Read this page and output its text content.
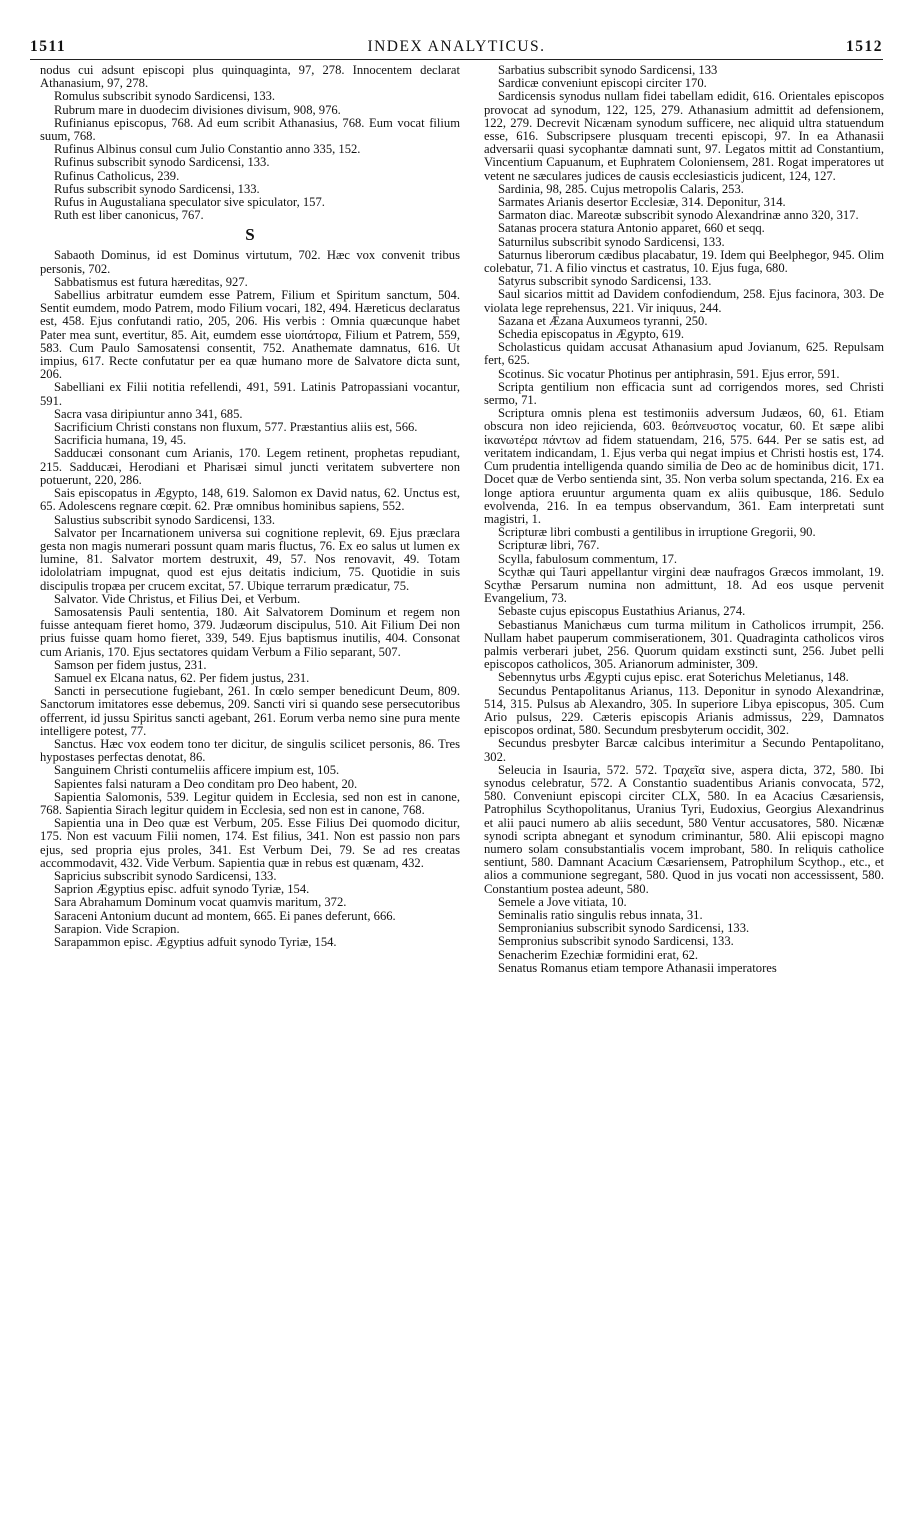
1511	INDEX ANALYTICUS.	1512

nodus cui adsunt episcopi plus quinquaginta, 97, 278. Innocentem declarat Athanasium, 97, 278.

Romulus subscribit synodo Sardicensi, 133.

Rubrum mare in duodecim divisiones divisum, 908, 976.

Rufinianus episcopus, 768. Ad eum scribit Athanasius, 768. Eum vocat filium suum, 768.

Rufinus Albinus consul cum Julio Constantio anno 335, 152.

Rufinus subscribit synodo Sardicensi, 133.

Rufinus Catholicus, 239.

Rufus subscribit synodo Sardicensi, 133.

Rufus in Augustaliana speculator sive spiculator, 157.

Ruth est liber canonicus, 767.

S

Sabaoth Dominus, id est Dominus virtutum, 702. Hæc vox convenit tribus personis, 702.

Sabbatismus est futura hæreditas, 927.

Sabellius arbitratur eumdem esse Patrem, Filium et Spiritum sanctum, 504. Sentit eumdem, modo Patrem, modo Filium vocari, 182, 494. Hæreticus declaratus est, 458. Ejus confutandi ratio, 205, 206. His verbis : Omnia quæcunque habet Pater mea sunt, evertitur, 85. Ait, eumdem esse υἱοπάτορα, Filium et Patrem, 559, 583. Cum Paulo Samosatensi consentit, 752. Anathemate damnatus, 616. Ut impius, 617. Recte confutatur per ea quæ humano more de Salvatore dicta sunt, 206.

Sabelliani ex Filii notitia refellendi, 491, 591. Latinis Patropassiani vocantur, 591.

Sacra vasa diripiuntur anno 341, 685.

Sacrificium Christi constans non fluxum, 577. Præstantius aliis est, 566.

Sacrificia humana, 19, 45.

Sadducæi consonant cum Arianis, 170. Legem retinent, prophetas repudiant, 215. Sadducæi, Herodiani et Pharisæi simul juncti veritatem subvertere non potuerunt, 220, 286.

Sais episcopatus in Ægypto, 148, 619. Salomon ex David natus, 62. Unctus est, 65. Adolescens regnare cœpit. 62. Præ omnibus hominibus sapiens, 552.

Salustius subscribit synodo Sardicensi, 133.

Salvator per Incarnationem universa sui cognitione replevit, 69. Ejus præclara gesta non magis numerari possunt quam maris fluctus, 76. Ex eo salus ut lumen ex lumine, 81. Salvator mortem destruxit, 49, 57. Nos renovavit, 49. Totam idololatriam impugnat, quod est ejus deitatis indicium, 75. Quotidie in suis discipulis tropæa per crucem excitat, 57. Ubique terrarum prædicatur, 75.

Salvator. Vide Christus, et Filius Dei, et Verbum.

Samosatensis Pauli sententia, 180. Ait Salvatorem Dominum et regem non fuisse antequam fieret homo, 379. Judæorum discipulus, 510. Ait Filium Dei non prius fuisse quam homo fieret, 339, 549. Ejus baptismus inutilis, 404. Consonat cum Arianis, 170. Ejus sectatores quidam Verbum a Filio separant, 507.

Samson per fidem justus, 231.

Samuel ex Elcana natus, 62. Per fidem justus, 231.

Sancti in persecutione fugiebant, 261. In cœlo semper benedicunt Deum, 809. Sanctorum imitatores esse debemus, 209. Sancti viri si quando sese persecutoribus offerrent, id jussu Spiritus sancti agebant, 261. Eorum verba nemo sine pura mente intelligere potest, 77.

Sanctus. Hæc vox eodem tono ter dicitur, de singulis scilicet personis, 86. Tres hypostases perfectas denotat, 86.

Sanguinem Christi contumeliis afficere impium est, 105.

Sapientes falsi naturam a Deo conditam pro Deo habent, 20.

Sapientia Salomonis, 539. Legitur quidem in Ecclesia, sed non est in canone, 768. Sapientia Sirach legitur quidem in Ecclesia, sed non est in canone, 768.

Sapientia una in Deo quæ est Verbum, 205. Esse Filius Dei quomodo dicitur, 175. Non est vacuum Filii nomen, 174. Est filius, 341. Non est passio non pars ejus, sed propria ejus proles, 341. Est Verbum Dei, 79. Se ad res creatas accommodavit, 432. Vide Verbum. Sapientia quæ in rebus est quænam, 432.

Sapricius subscribit synodo Sardicensi, 133.

Saprion Ægyptius episc. adfuit synodo Tyriæ, 154.

Sara Abrahamum Dominum vocat quamvis maritum, 372.

Saraceni Antonium ducunt ad montem, 665. Ei panes deferunt, 666.

Sarapion. Vide Scrapion.

Sarapammon episc. Ægyptius adfuit synodo Tyriæ, 154.

Sarbatius subscribit synodo Sardicensi, 133

Sardicæ conveniunt episcopi circiter 170.

Sardicensis synodus nullam fidei tabellam edidit, 616. Orientales episcopos provocat ad synodum, 122, 125, 279. Athanasium admittit ad defensionem, 122, 279. Decrevit Nicænam synodum sufficere, nec aliquid ultra statuendum esse, 616. Subscripsere plusquam trecenti episcopi, 97. In ea Athanasii adversarii quasi sycophantæ damnati sunt, 97. Legatos mittit ad Constantium, Vincentium Capuanum, et Euphratem Coloniensem, 281. Rogat imperatores ut vetent ne sæculares judices de causis ecclesiasticis judicent, 124, 127.

Sardinia, 98, 285. Cujus metropolis Calaris, 253.

Sarmates Arianis desertor Ecclesiæ, 314. Deponitur, 314.

Sarmaton diac. Mareotæ subscribit synodo Alexandrinæ anno 320, 317.

Satanas procera statura Antonio apparet, 660 et seqq.

Saturnilus subscribit synodo Sardicensi, 133.

Saturnus liberorum cædibus placabatur, 19. Idem qui Beelphegor, 945. Olim colebatur, 71. A filio vinctus et castratus, 10. Ejus fuga, 680.

Satyrus subscribit synodo Sardicensi, 133.

Saul sicarios mittit ad Davidem confodiendum, 258. Ejus facinora, 303. De violata lege reprehensus, 221. Vir iniquus, 244.

Sazana et Æzana Auxumeos tyranni, 250.

Schedia episcopatus in Ægypto, 619.

Scholasticus quidam accusat Athanasium apud Jovianum, 625. Repulsam fert, 625.

Scotinus. Sic vocatur Photinus per antiphrasin, 591. Ejus error, 591.

Scripta gentilium non efficacia sunt ad corrigendos mores, sed Christi sermo, 71.

Scriptura omnis plena est testimoniis adversum Judæos, 60, 61. Etiam obscura non ideo rejicienda, 603. θεόπνευστος vocatur, 60. Et sæpe alibi ἱκανωτέρα πάντων ad fidem statuendam, 216, 575. 644. Per se satis est, ad veritatem indicandam, 1. Ejus verba qui negat impius et Christi hostis est, 174. Cum prudentia intelligenda quando similia de Deo ac de hominibus dicit, 171. Docet quæ de Verbo sentienda sint, 35. Non verba solum spectanda, 216. Ex ea longe aptiora eruuntur argumenta quam ex aliis quibusque, 186. Sedulo evolvenda, 216. In ea tempus observandum, 361. Eam interpretati sunt magistri, 1.

Scripturæ libri combusti a gentilibus in irruptione Gregorii, 90.

Scripturæ libri, 767.

Scylla, fabulosum commentum, 17.

Scythæ qui Tauri appellantur virgini deæ naufragos Græcos immolant, 19. Scythæ Persarum numina non admittunt, 18. Ad eos usque pervenit Evangelium, 73.

Sebaste cujus episcopus Eustathius Arianus, 274.

Sebastianus Manichæus cum turma militum in Catholicos irrumpit, 256. Nullam habet pauperum commiserationem, 301. Quadraginta catholicos viros palmis verberari jubet, 256. Quorum quidam exstincti sunt, 256. Jubet pelli episcopos catholicos, 305. Arianorum administer, 309.

Sebennytus urbs Ægypti cujus episc. erat Soterichus Meletianus, 148.

Secundus Pentapolitanus Arianus, 113. Deponitur in synodo Alexandrinæ, 514, 315. Pulsus ab Alexandro, 305. In superiore Libya episcopus, 305. Cum Ario pulsus, 229. Cæteris episcopis Arianis admissus, 229, Damnatos episcopos ordinat, 580. Secundum presbyterum occidit, 302.

Secundus presbyter Barcæ calcibus interimitur a Secundo Pentapolitano, 302.

Seleucia in Isauria, 572. 572. Τραχεῖα sive, aspera dicta, 372, 580. Ibi synodus celebratur, 572. A Constantio suadentibus Arianis convocata, 572, 580. Conveniunt episcopi circiter CLX, 580. In ea Acacius Cæsariensis, Patrophilus Scythopolitanus, Uranius Tyri, Eudoxius, Georgius Alexandrinus et alii pauci numero ab aliis secedunt, 580 Ventur accusatores, 580. Nicænæ synodi scripta abnegant et synodum criminantur, 580. Alii episcopi magno numero solam consubstantialis vocem improbant, 580. In reliquis catholice sentiunt, 580. Damnant Acacium Cæsariensem, Patrophilum Scythop., etc., et alios a communione segregant, 580. Quod in jus vocati non accessissent, 580. Constantium postea adeunt, 580.

Semele a Jove vitiata, 10.

Seminalis ratio singulis rebus innata, 31.

Sempronianius subscribit synodo Sardicensi, 133.

Sempronius subscribit synodo Sardicensi, 133.

Senacherim Ezechiæ formidini erat, 62.

Senatus Romanus etiam tempore Athanasii imperatores
